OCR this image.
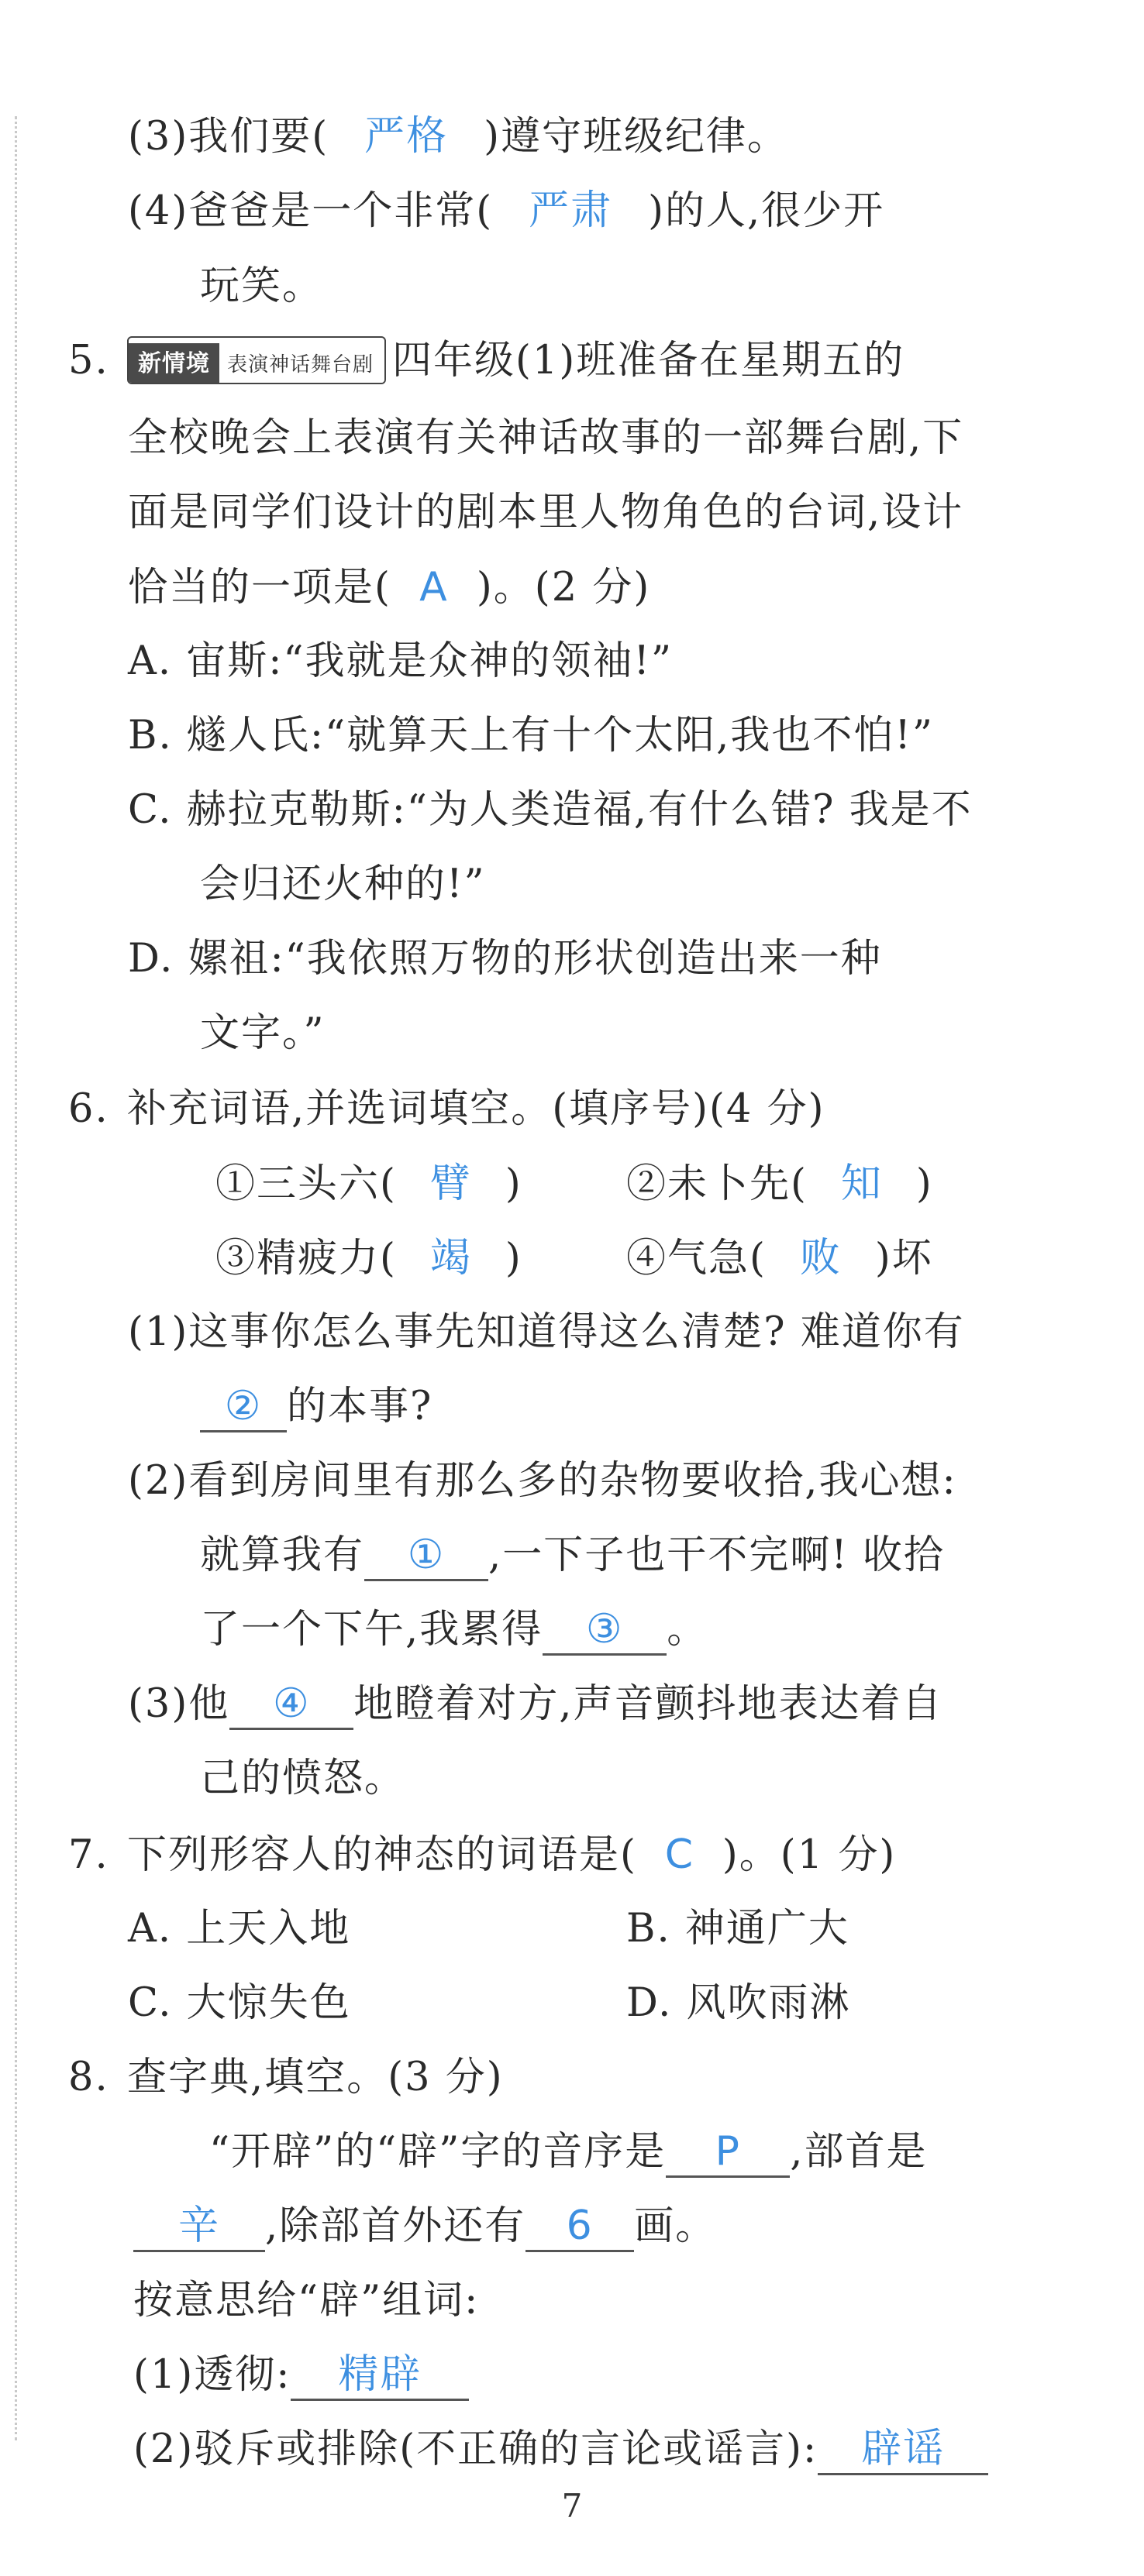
(3)我们要( 严格 )遵守班级纪律。
(4)爸爸是一个非常( 严肃 )的人,很少开
玩笑。
5. 新情境 表演神话舞台剧 四年级(1)班准备在星期五的
全校晚会上表演有关神话故事的一部舞台剧,下
面是同学们设计的剧本里人物角色的台词,设计
恰当的一项是( A )。(2 分)
A. 宙斯:“我就是众神的领袖!”
B. 燧人氏:“就算天上有十个太阳,我也不怕!”
C. 赫拉克勒斯:“为人类造福,有什么错? 我是不
会归还火种的!”
D. 嫘祖:“我依照万物的形状创造出来一种
文字。”
6. 补充词语,并选词填空。(填序号)(4 分)
①三头六( 臂 )	②未卜先( 知 )
③精疲力( 竭 )	④气急( 败 )坏
(1)这事你怎么事先知道得这么清楚? 难道你有
② 的本事?
(2)看到房间里有那么多的杂物要收拾,我心想:
就算我有 ① ,一下子也干不完啊! 收拾
了一个下午,我累得 ③ 。
(3)他 ④ 地瞪着对方,声音颤抖地表达着自
己的愤怒。
7. 下列形容人的神态的词语是( C )。(1 分)
A. 上天入地	B. 神通广大
C. 大惊失色	D. 风吹雨淋
8. 查字典,填空。(3 分)
“开辟”的“辟”字的音序是 P ,部首是
辛 ,除部首外还有 6 画。
按意思给“辟”组词:
(1)透彻: 精辟
(2)驳斥或排除(不正确的言论或谣言): 辟谣
7
